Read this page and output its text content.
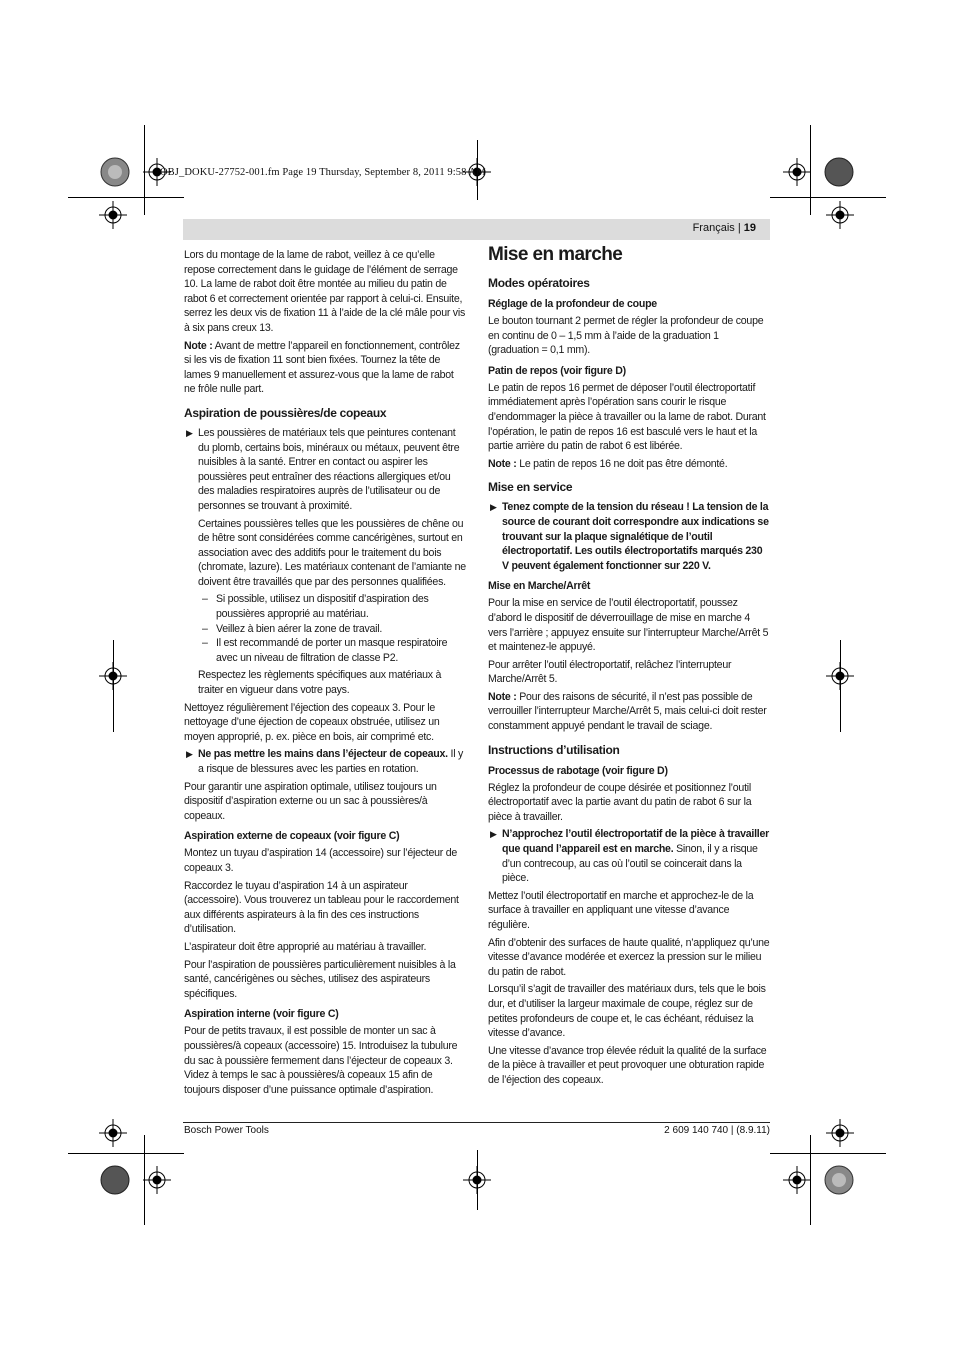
OBJ_DOKU-27752-001.fm Page 19 Thursday, September 8, 2011 9:58 AM
Français | 19

Lors du montage de la lame de rabot, veillez à ce qu’elle repose correctement dans le guidage de l’élément de serrage 10. La lame de rabot doit être montée au milieu du patin de rabot 6 et correctement orientée par rapport à celui-ci. Ensuite, serrez les deux vis de fixation 11 à l’aide de la clé mâle pour vis à six pans creux 13.

Note : Avant de mettre l’appareil en fonctionnement, contrôlez si les vis de fixation 11 sont bien fixées. Tournez la tête de lames 9 manuellement et assurez-vous que la lame de rabot ne frôle nulle part.

Aspiration de poussières/de copeaux
▶ Les poussières de matériaux tels que peintures contenant du plomb, certains bois, minéraux ou métaux, peuvent être nuisibles à la santé. Entrer en contact ou aspirer les poussières peut entraîner des réactions allergiques et/ou des maladies respiratoires auprès de l’utilisateur ou de personnes se trouvant à proximité.

Certaines poussières telles que les poussières de chêne ou de hêtre sont considérées comme cancérigènes, surtout en association avec des additifs pour le traitement du bois (chromate, lazure). Les matériaux contenant de l’amiante ne doivent être travaillés que par des personnes qualifiées.

– Si possible, utilisez un dispositif d’aspiration des poussières approprié au matériau.
– Veillez à bien aérer la zone de travail.
– Il est recommandé de porter un masque respiratoire avec un niveau de filtration de classe P2.

Respectez les règlements spécifiques aux matériaux à traiter en vigueur dans votre pays.

Nettoyez régulièrement l’éjection des copeaux 3. Pour le nettoyage d’une éjection de copeaux obstruée, utilisez un moyen approprié, p. ex. pièce en bois, air comprimé etc.

▶ Ne pas mettre les mains dans l’éjecteur de copeaux. Il y a risque de blessures avec les parties en rotation.

Pour garantir une aspiration optimale, utilisez toujours un dispositif d’aspiration externe ou un sac à poussières/à copeaux.

Aspiration externe de copeaux (voir figure C)

Montez un tuyau d’aspiration 14 (accessoire) sur l’éjecteur de copeaux 3.

Raccordez le tuyau d’aspiration 14 à un aspirateur (accessoire). Vous trouverez un tableau pour le raccordement aux différents aspirateurs à la fin des ces instructions d’utilisation.

L’aspirateur doit être approprié au matériau à travailler.

Pour l’aspiration de poussières particulièrement nuisibles à la santé, cancérigènes ou sèches, utilisez des aspirateurs spécifiques.

Aspiration interne (voir figure C)

Pour de petits travaux, il est possible de monter un sac à poussières/à copeaux (accessoire) 15. Introduisez la tubulure du sac à poussière fermement dans l’éjecteur de copeaux 3. Videz à temps le sac à poussières/à copeaux 15 afin de toujours disposer d’une puissance optimale d’aspiration.

Mise en marche
Modes opératoires
Réglage de la profondeur de coupe

Le bouton tournant 2 permet de régler la profondeur de coupe en continu de 0 – 1,5 mm à l’aide de la graduation 1 (graduation = 0,1 mm).

Patin de repos (voir figure D)

Le patin de repos 16 permet de déposer l’outil électroportatif immédiatement après l’opération sans courir le risque d’endommager la pièce à travailler ou la lame de rabot. Durant l’opération, le patin de repos 16 est basculé vers le haut et la partie arrière du patin de rabot 6 est libérée.

Note : Le patin de repos 16 ne doit pas être démonté.

Mise en service
▶ Tenez compte de la tension du réseau ! La tension de la source de courant doit correspondre aux indications se trouvant sur la plaque signalétique de l’outil électroportatif. Les outils électroportatifs marqués 230 V peuvent également fonctionner sur 220 V.
Mise en Marche/Arrêt

Pour la mise en service de l’outil électroportatif, poussez d’abord le dispositif de déverrouillage de mise en marche 4 vers l’arrière ; appuyez ensuite sur l’interrupteur Marche/Arrêt 5 et maintenez-le appuyé.

Pour arrêter l’outil électroportatif, relâchez l’interrupteur Marche/Arrêt 5.

Note : Pour des raisons de sécurité, il n’est pas possible de verrouiller l’interrupteur Marche/Arrêt 5, mais celui-ci doit rester constamment appuyé pendant le travail de sciage.

Instructions d’utilisation
Processus de rabotage (voir figure D)

Réglez la profondeur de coupe désirée et positionnez l’outil électroportatif avec la partie avant du patin de rabot 6 sur la pièce à travailler.

▶ N’approchez l’outil électroportatif de la pièce à travailler que quand l’appareil est en marche. Sinon, il y a risque d’un contrecoup, au cas où l’outil se coincerait dans la pièce.

Mettez l’outil électroportatif en marche et approchez-le de la surface à travailler en appliquant une vitesse d’avance régulière.

Afin d’obtenir des surfaces de haute qualité, n’appliquez qu’une vitesse d’avance modérée et exercez la pression sur le milieu du patin de rabot.

Lorsqu’il s’agit de travailler des matériaux durs, tels que le bois dur, et d’utiliser la largeur maximale de coupe, réglez sur de petites profondeurs de coupe et, le cas échéant, réduisez la vitesse d’avance.

Une vitesse d’avance trop élevée réduit la qualité de la surface de la pièce à travailler et peut provoquer une obturation rapide de l’éjection des copeaux.

Bosch Power Tools	2 609 140 740 | (8.9.11)
